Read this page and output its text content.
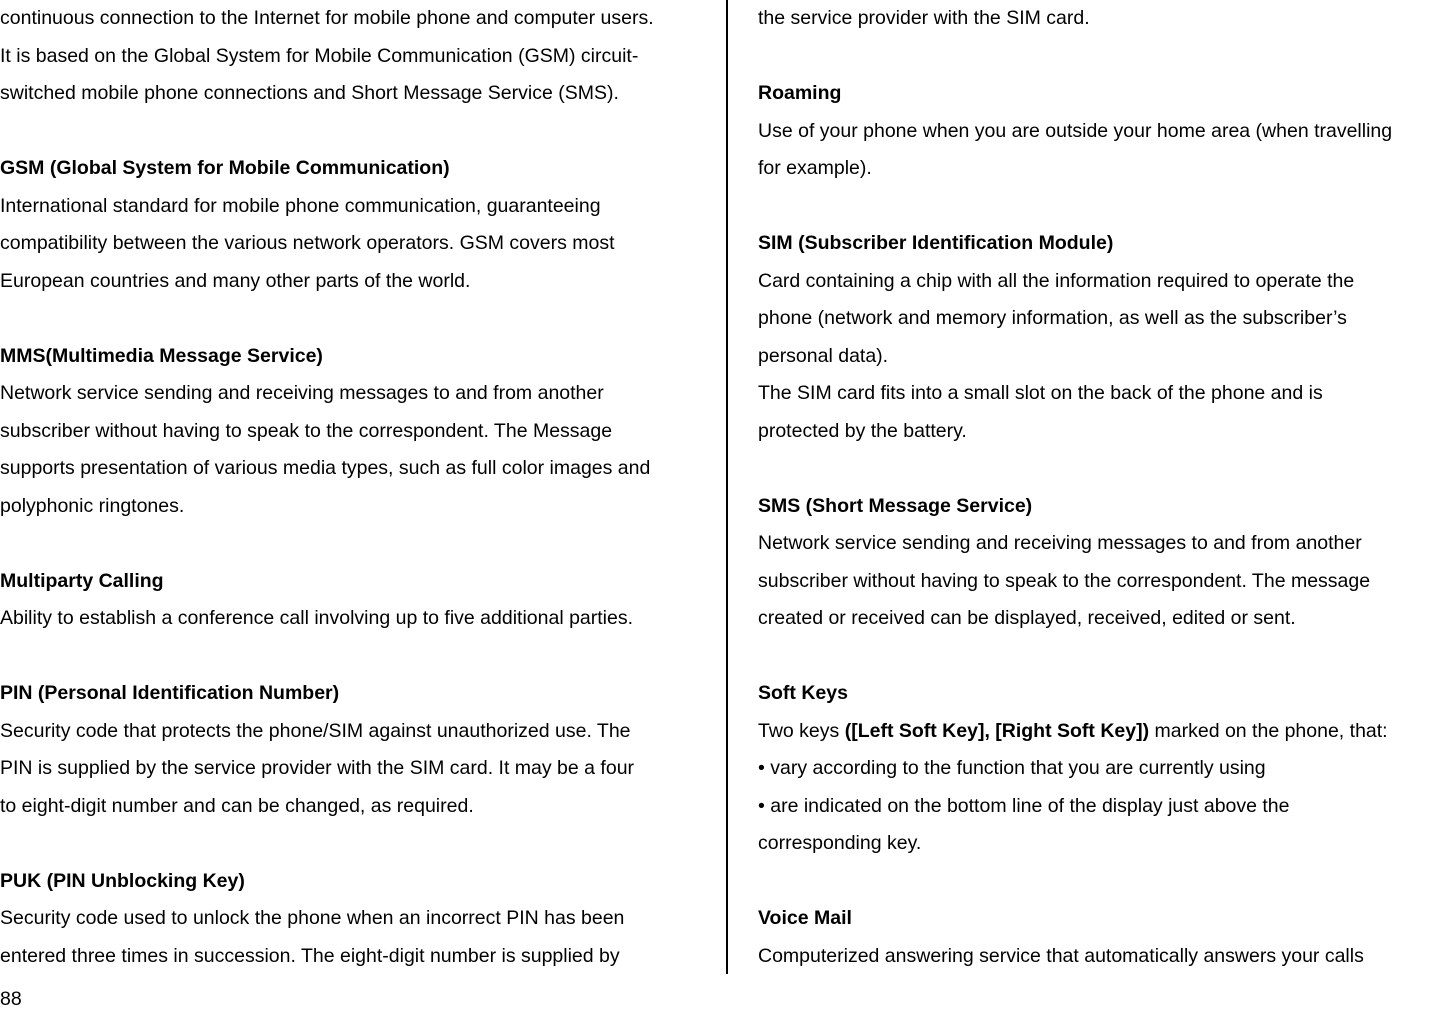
continuous connection to the Internet for mobile phone and computer users.

It is based on the Global System for Mobile Communication (GSM) circuit-

switched mobile phone connections and Short Message Service (SMS).

GSM (Global System for Mobile Communication)

International standard for mobile phone communication, guaranteeing

compatibility between the various network operators. GSM covers most

European countries and many other parts of the world.

MMS(Multimedia Message Service)

Network service sending and receiving messages to and from another

subscriber without having to speak to the correspondent. The Message

supports presentation of various media types, such as full color images and

polyphonic ringtones.

Multiparty Calling

Ability to establish a conference call involving up to five additional parties.

PIN (Personal Identification Number)

Security code that protects the phone/SIM against unauthorized use. The

PIN is supplied by the service provider with the SIM card. It may be a four

to eight-digit number and can be changed, as required.

PUK (PIN Unblocking Key)

Security code used to unlock the phone when an incorrect PIN has been

entered three times in succession. The eight-digit number is supplied by

the service provider with the SIM card.

Roaming

Use of your phone when you are outside your home area (when travelling

for example).

SIM (Subscriber Identification Module)

Card containing a chip with all the information required to operate the

phone (network and memory information, as well as the subscriber’s

personal data).

The SIM card fits into a small slot on the back of the phone and is

protected by the battery.

SMS (Short Message Service)

Network service sending and receiving messages to and from another

subscriber without having to speak to the correspondent. The message

created or received can be displayed, received, edited or sent.

Soft Keys

Two keys ([Left Soft Key], [Right Soft Key]) marked on the phone, that:

• vary according to the function that you are currently using

• are indicated on the bottom line of the display just above the

corresponding key.

Voice Mail

Computerized answering service that automatically answers your calls

88
